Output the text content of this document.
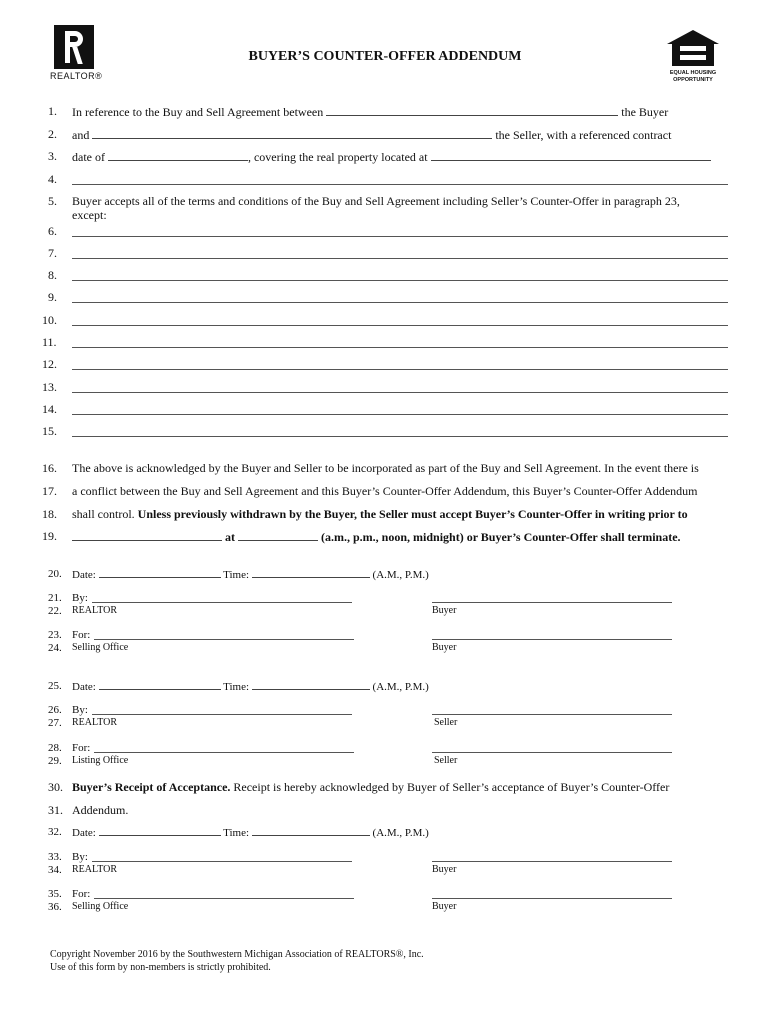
REALTOR®
BUYER’S COUNTER-OFFER ADDENDUM
EQUAL HOUSING
OPPORTUNITY
1. In reference to the Buy and Sell Agreement between	the Buyer
2. and	the Seller, with a referenced contract
3. date of	, covering the real property located at
4.
5. Buyer accepts all of the terms and conditions of the Buy and Sell Agreement including Seller’s Counter-Offer in paragraph 23,
except:
6.
7.
8.
9.
10.
11.
12.
13.
14.
15.
16. The above is acknowledged by the Buyer and Seller to be incorporated as part of the Buy and Sell Agreement. In the event there is
17. a conflict between the Buy and Sell Agreement and this Buyer’s Counter-Offer Addendum, this Buyer’s Counter-Offer Addendum
18. shall control. Unless previously withdrawn by the Buyer, the Seller must accept Buyer’s Counter-Offer in writing prior to
19.	at	(a.m., p.m., noon, midnight) or Buyer’s Counter-Offer shall terminate.
20. Date:	Time:	(A.M., P.M.)
21. By:
22. REALTOR	Buyer
23. For:
24. Selling Office	Buyer
25. Date:	Time:	(A.M., P.M.)
26. By:
27. REALTOR	Seller
28. For:
29. Listing Office	Seller
30. Buyer’s Receipt of Acceptance. Receipt is hereby acknowledged by Buyer of Seller’s acceptance of Buyer’s Counter-Offer
31. Addendum.
32. Date:	Time:	(A.M., P.M.)
33. By:
34. REALTOR	Buyer
35. For:
36. Selling Office	Buyer
Copyright November 2016 by the Southwestern Michigan Association of REALTORS®, Inc.
Use of this form by non-members is strictly prohibited.
